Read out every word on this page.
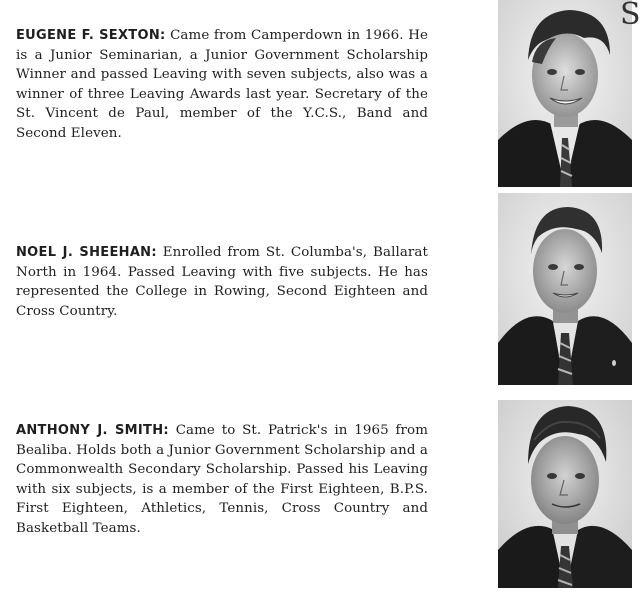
EUGENE F. SEXTON: Came from Camperdown in 1966. He is a Junior Seminarian, a Junior Government Scholarship Winner and passed Leaving with seven subjects, also was a winner of three Leaving Awards last year. Secretary of the St. Vincent de Paul, member of the Y.C.S., Band and Second Eleven.

NOEL J. SHEEHAN: Enrolled from St. Columba's, Ballarat North in 1964. Passed Leaving with five subjects. He has represented the College in Rowing, Second Eighteen and Cross Country.

ANTHONY J. SMITH: Came to St. Patrick's in 1965 from Bealiba. Holds both a Junior Government Scholarship and a Commonwealth Secondary Scholarship. Passed his Leaving with six subjects, is a member of the First Eighteen, B.P.S. First Eighteen, Athletics, Tennis, Cross Country and Basketball Teams.

S
